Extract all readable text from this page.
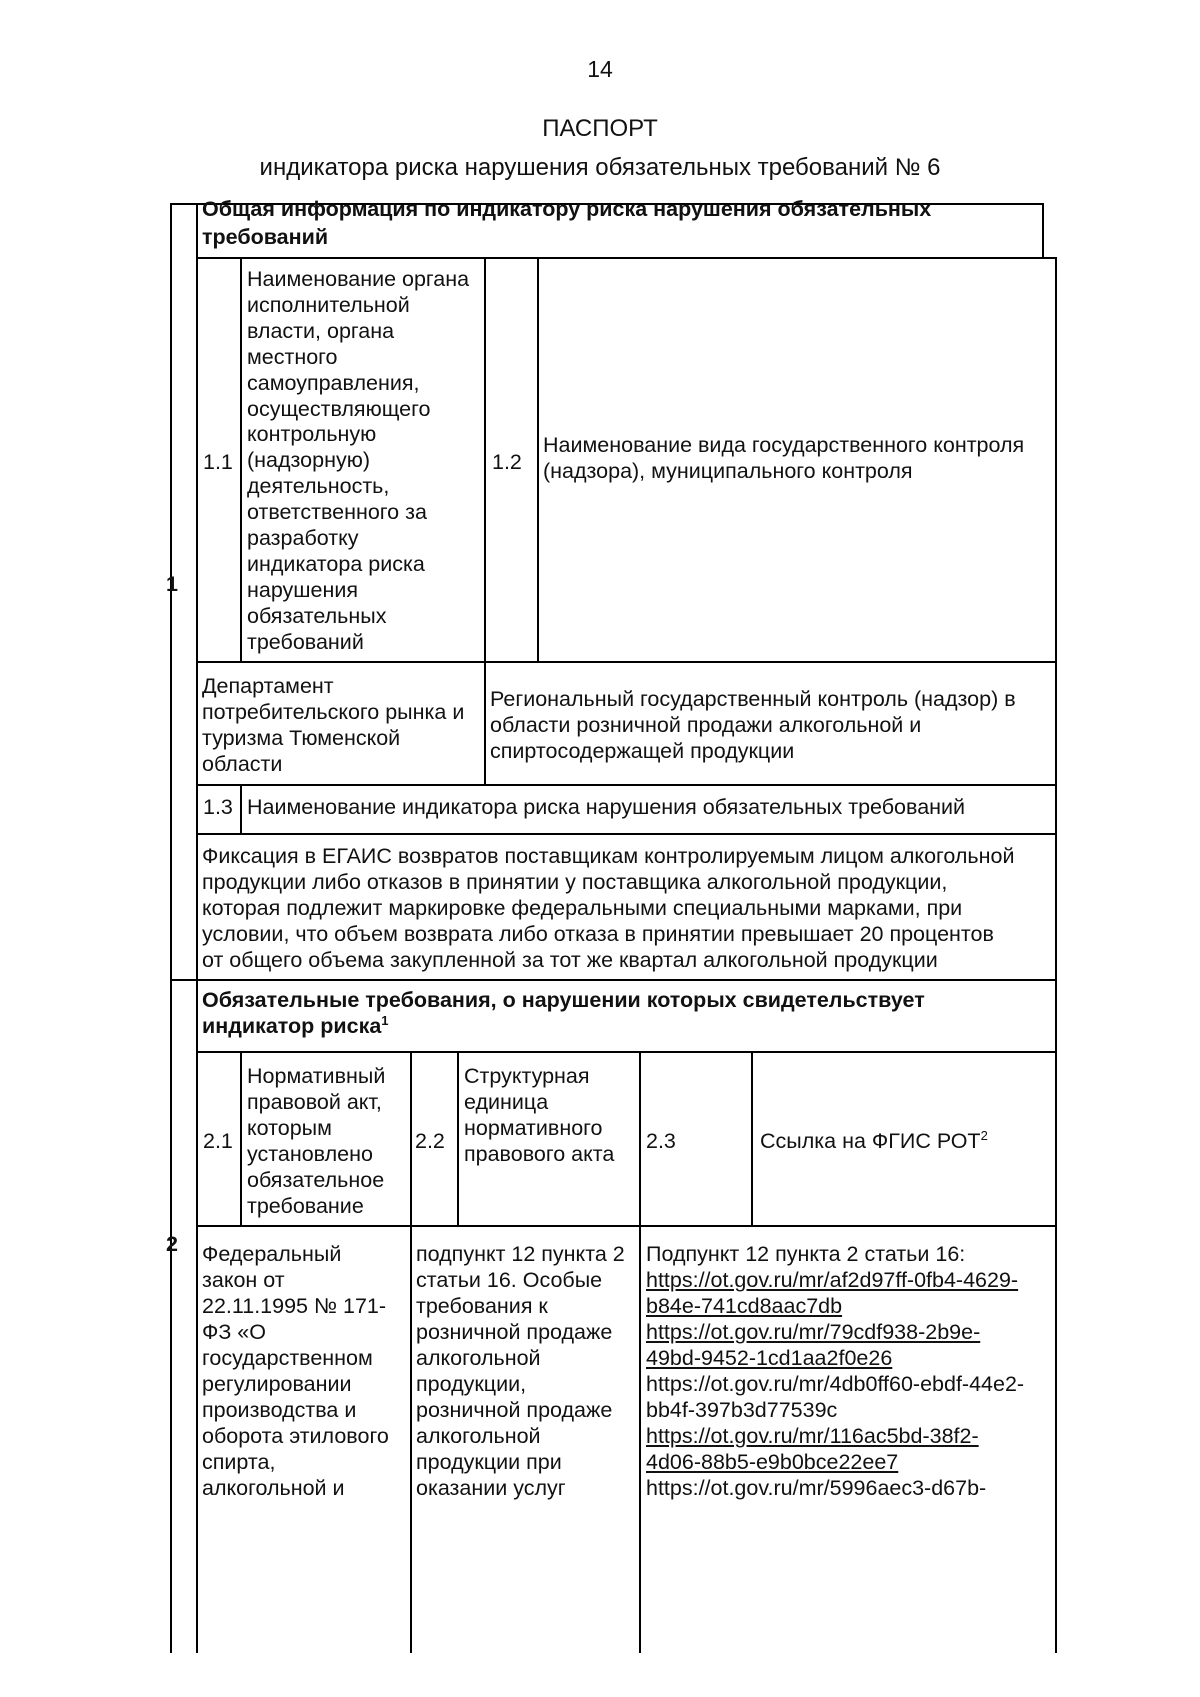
14
ПАСПОРТ
индикатора риска нарушения обязательных требований № 6
1
Общая информация по индикатору риска нарушения обязательных
требований
1.1
Наименование органа
исполнительной
власти, органа
местного
самоуправления,
осуществляющего
контрольную
(надзорную)
деятельность,
ответственного за
разработку
индикатора риска
нарушения
обязательных
требований
1.2
Наименование вида государственного контроля
(надзора), муниципального контроля
Департамент
потребительского рынка и
туризма Тюменской
области
Региональный государственный контроль (надзор) в
области розничной продажи алкогольной и
спиртосодержащей продукции
1.3 Наименование индикатора риска нарушения обязательных требований
Фиксация в ЕГАИС возвратов поставщикам контролируемым лицом алкогольной
продукции либо отказов в принятии у поставщика алкогольной продукции,
которая подлежит маркировке федеральными специальными марками, при
условии, что объем возврата либо отказа в принятии превышает 20 процентов
от общего объема закупленной за тот же квартал алкогольной продукции
2
Обязательные требования, о нарушении которых свидетельствует
индикатор риска$^1$
2.1
Нормативный
правовой акт,
которым
установлено
обязательное
требование
2.2
Структурная
единица
нормативного
правового акта
2.3	Ссылка на ФГИС РОТ$^2$
Федеральный
закон от
22.11.1995 № 171-
ФЗ «О
государственном
регулировании
производства и
оборота этилового
спирта,
алкогольной и
подпункт 12 пункта 2
статьи 16. Особые
требования к
розничной продаже
алкогольной
продукции,
розничной продаже
алкогольной
продукции при
оказании услуг
Подпункт 12 пункта 2 статьи 16:
https://ot.gov.ru/mr/af2d97ff-0fb4-4629-
b84e-741cd8aac7db
https://ot.gov.ru/mr/79cdf938-2b9e-
49bd-9452-1cd1aa2f0e26
https://ot.gov.ru/mr/4db0ff60-ebdf-44e2-
bb4f-397b3d77539c
https://ot.gov.ru/mr/116ac5bd-38f2-
4d06-88b5-e9b0bce22ee7
https://ot.gov.ru/mr/5996aec3-d67b-
